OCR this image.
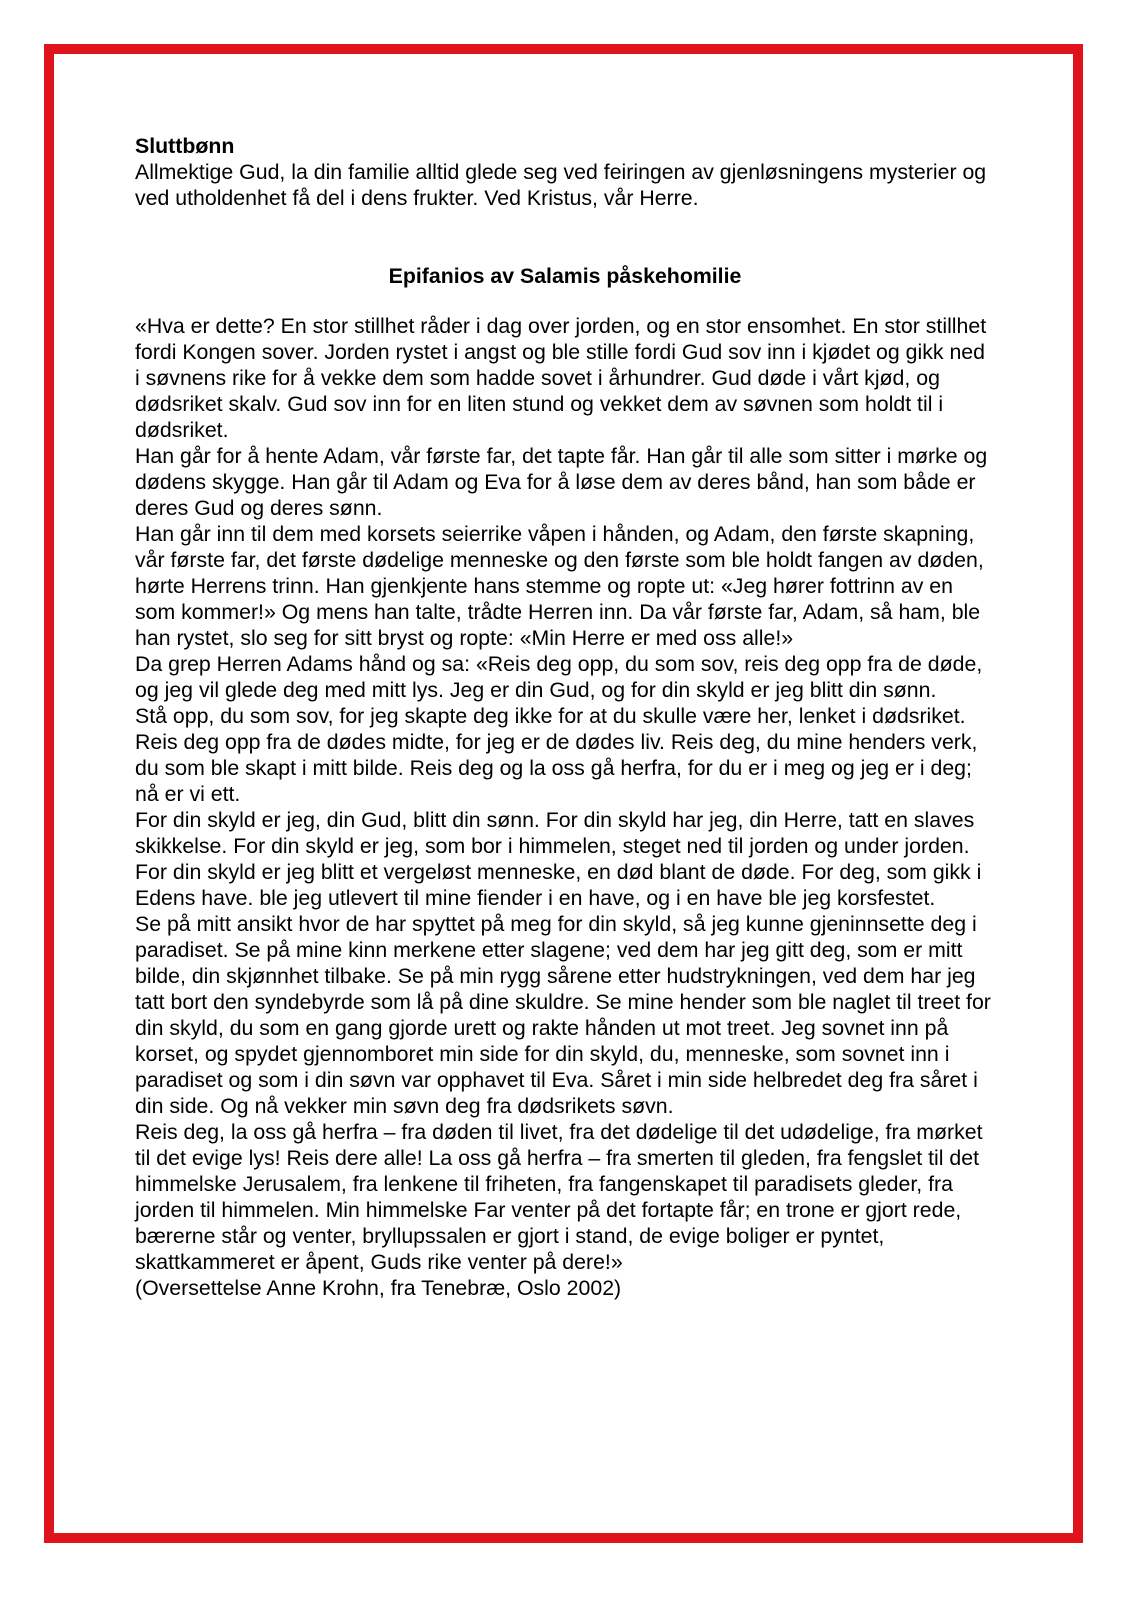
Sluttbønn

Allmektige Gud, la din familie alltid glede seg ved feiringen av gjenløsningens mysterier og ved utholdenhet få del i dens frukter. Ved Kristus, vår Herre.

Epifanios av Salamis påskehomilie

«Hva er dette? En stor stillhet råder i dag over jorden, og en stor ensomhet. En stor stillhet fordi Kongen sover. Jorden rystet i angst og ble stille fordi Gud sov inn i kjødet og gikk ned i søvnens rike for å vekke dem som hadde sovet i århundrer. Gud døde i vårt kjød, og dødsriket skalv. Gud sov inn for en liten stund og vekket dem av søvnen som holdt til i dødsriket.

Han går for å hente Adam, vår første far, det tapte får. Han går til alle som sitter i mørke og dødens skygge. Han går til Adam og Eva for å løse dem av deres bånd, han som både er deres Gud og deres sønn.

Han går inn til dem med korsets seierrike våpen i hånden, og Adam, den første skapning, vår første far, det første dødelige menneske og den første som ble holdt fangen av døden, hørte Herrens trinn. Han gjenkjente hans stemme og ropte ut: «Jeg hører fottrinn av en som kommer!» Og mens han talte, trådte Herren inn. Da vår første far, Adam, så ham, ble han rystet, slo seg for sitt bryst og ropte: «Min Herre er med oss alle!»

Da grep Herren Adams hånd og sa: «Reis deg opp, du som sov, reis deg opp fra de døde, og jeg vil glede deg med mitt lys. Jeg er din Gud, og for din skyld er jeg blitt din sønn.

Stå opp, du som sov, for jeg skapte deg ikke for at du skulle være her, lenket i dødsriket. Reis deg opp fra de dødes midte, for jeg er de dødes liv. Reis deg, du mine henders verk, du som ble skapt i mitt bilde. Reis deg og la oss gå herfra, for du er i meg og jeg er i deg; nå er vi ett.

For din skyld er jeg, din Gud, blitt din sønn. For din skyld har jeg, din Herre, tatt en slaves skikkelse. For din skyld er jeg, som bor i himmelen, steget ned til jorden og under jorden. For din skyld er jeg blitt et vergeløst menneske, en død blant de døde. For deg, som gikk i Edens have. ble jeg utlevert til mine fiender i en have, og i en have ble jeg korsfestet.

Se på mitt ansikt hvor de har spyttet på meg for din skyld, så jeg kunne gjeninnsette deg i paradiset. Se på mine kinn merkene etter slagene; ved dem har jeg gitt deg, som er mitt bilde, din skjønnhet tilbake. Se på min rygg sårene etter hudstrykningen, ved dem har jeg tatt bort den syndebyrde som lå på dine skuldre. Se mine hender som ble naglet til treet for din skyld, du som en gang gjorde urett og rakte hånden ut mot treet. Jeg sovnet inn på korset, og spydet gjennomboret min side for din skyld, du, menneske, som sovnet inn i paradiset og som i din søvn var opphavet til Eva. Såret i min side helbredet deg fra såret i din side. Og nå vekker min søvn deg fra dødsrikets søvn.

Reis deg, la oss gå herfra – fra døden til livet, fra det dødelige til det udødelige, fra mørket til det evige lys! Reis dere alle! La oss gå herfra – fra smerten til gleden, fra fengslet til det himmelske Jerusalem, fra lenkene til friheten, fra fangenskapet til paradisets gleder, fra jorden til himmelen. Min himmelske Far venter på det fortapte får; en trone er gjort rede, bærerne står og venter, bryllupssalen er gjort i stand, de evige boliger er pyntet, skattkammeret er åpent, Guds rike venter på dere!»

(Oversettelse Anne Krohn, fra Tenebræ, Oslo 2002)
